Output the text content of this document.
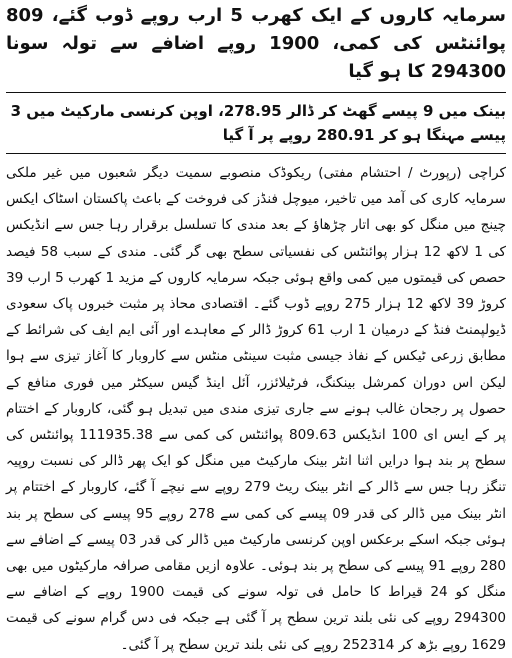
سرمایہ کاروں کے ایک کھرب 5 ارب روپے ڈوب گئے، 809 پوائنٹس کی کمی، 1900 روپے اضافے سے تولہ سونا 294300 کا ہو گیا
بینک میں 9 پیسے گھٹ کر ڈالر 278.95، اوپن کرنسی مارکیٹ میں 3 پیسے مہنگا ہو کر 280.91 روپے پر آ گیا

کراچی (رپورٹ / احتشام مفتی) ریکوڈک منصوبے سمیت دیگر شعبوں میں غیر ملکی سرمایہ کاری کی آمد میں تاخیر، میوچل فنڈز کی فروخت کے باعث پاکستان اسٹاک ایکس چینج میں منگل کو بھی اتار چڑھاؤ کے بعد مندی کا تسلسل برقرار رہا جس سے انڈیکس کی 1 لاکھ 12 ہزار پوائنٹس کی نفسیاتی سطح بھی گر گئی۔ مندی کے سبب 58 فیصد حصص کی قیمتوں میں کمی واقع ہوئی جبکہ سرمایہ کاروں کے مزید 1 کھرب 5 ارب 39 کروڑ 39 لاکھ 12 ہزار 275 روپے ڈوب گئے۔ اقتصادی محاذ پر مثبت خبروں پاک سعودی ڈیولپمنٹ فنڈ کے درمیان 1 ارب 61 کروڑ ڈالر کے معاہدے اور آئی ایم ایف کی شرائط کے مطابق زرعی ٹیکس کے نفاذ جیسی مثبت سینٹی منٹس سے کاروبار کا آغاز تیزی سے ہوا لیکن اس دوران کمرشل بینکنگ، فرٹیلائزر، آئل اینڈ گیس سیکٹر میں فوری منافع کے حصول پر رجحان غالب ہونے سے جاری تیزی مندی میں تبدیل ہو گئی، کاروبار کے اختتام پر کے ایس ای 100 انڈیکس 809.63 پوائنٹس کی کمی سے 111935.38 پوائنٹس کی سطح پر بند ہوا درایں اثنا انٹر بینک مارکیٹ میں منگل کو ایک پھر ڈالر کی نسبت روپیہ تنگز رہا جس سے ڈالر کے انٹر بینک ریٹ 279 روپے سے نیچے آ گئے، کاروبار کے اختتام پر انٹر بینک میں ڈالر کی قدر 09 پیسے کی کمی سے 278 روپے 95 پیسے کی سطح پر بند ہوئی جبکہ اسکے برعکس اوپن کرنسی مارکیٹ میں ڈالر کی قدر 03 پیسے کے اضافے سے 280 روپے 91 پیسے کی سطح پر بند ہوئی۔ علاوہ ازیں مقامی صرافہ مارکیٹوں میں بھی منگل کو 24 قیراط کا حامل فی تولہ سونے کی قیمت 1900 روپے کے اضافے سے 294300 روپے کی نئی بلند ترین سطح پر آ گئی ہے جبکہ فی دس گرام سونے کی قیمت 1629 روپے بڑھ کر 252314 روپے کی نئی بلند ترین سطح پر آ گئی۔
